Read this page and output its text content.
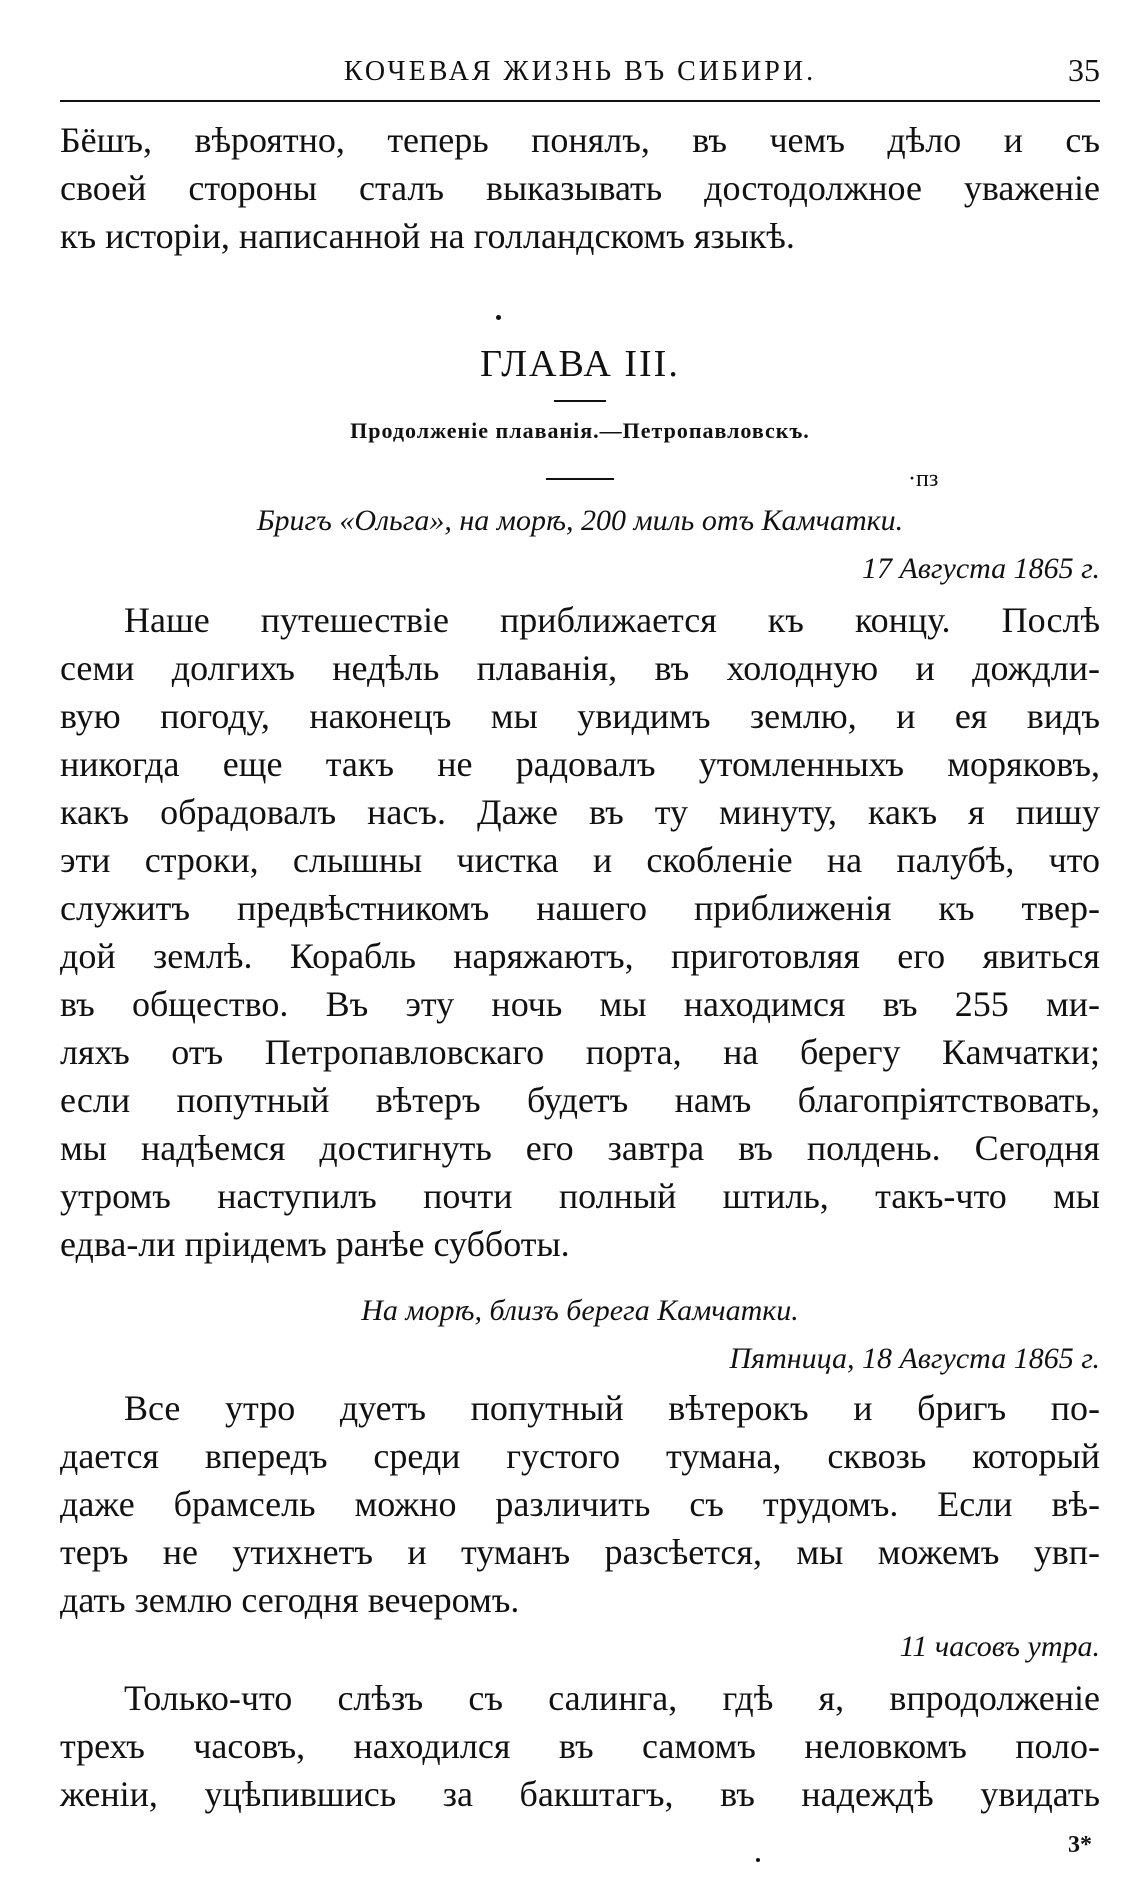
КОЧЕВАЯ ЖИЗНЬ ВЪ СИБИРИ.	35
Бёшъ, вѣроятно, теперь понялъ, въ чемъ дѣло и съ
своей стороны сталъ выказывать достодолжное уваженіе
къ исторіи, написанной на голландскомъ языкѣ.
ГЛАВА III.
Продолженіе плаванія.—Петропавловскъ.
·пз
Бригъ «Ольга», на морѣ, 200 миль отъ Камчатки.
17 Августа 1865 г.
Наше путешествіе приближается къ концу. Послѣ
семи долгихъ недѣль плаванія, въ холодную и дождли-
вую погоду, наконецъ мы увидимъ землю, и ея видъ
никогда еще такъ не радовалъ утомленныхъ моряковъ,
какъ обрадовалъ насъ. Даже въ ту минуту, какъ я пишу
эти строки, слышны чистка и скобленіе на палубѣ, что
служитъ предвѣстникомъ нашего приближенія къ твер-
дой землѣ. Корабль наряжаютъ, приготовляя его явиться
въ общество. Въ эту ночь мы находимся въ 255 ми-
ляхъ отъ Петропавловскаго порта, на берегу Камчатки;
если попутный вѣтеръ будетъ намъ благопріятствовать,
мы надѣемся достигнуть его завтра въ полдень. Сегодня
утромъ наступилъ почти полный штиль, такъ-что мы
едва-ли пріидемъ ранѣе субботы.
На морѣ, близъ берега Камчатки.
Пятница, 18 Августа 1865 г.
Все утро дуетъ попутный вѣтерокъ и бригъ по-
дается впередъ среди густого тумана, сквозь который
даже брамсель можно различить съ трудомъ. Если вѣ-
теръ не утихнетъ и туманъ разсѣется, мы можемъ увп-
дать землю сегодня вечеромъ.
11 часовъ утра.
Только-что слѣзъ съ салинга, гдѣ я, впродолженіе
трехъ часовъ, находился въ самомъ неловкомъ поло-
женіи, уцѣпившись за бакштагъ, въ надеждѣ увидать
3*
